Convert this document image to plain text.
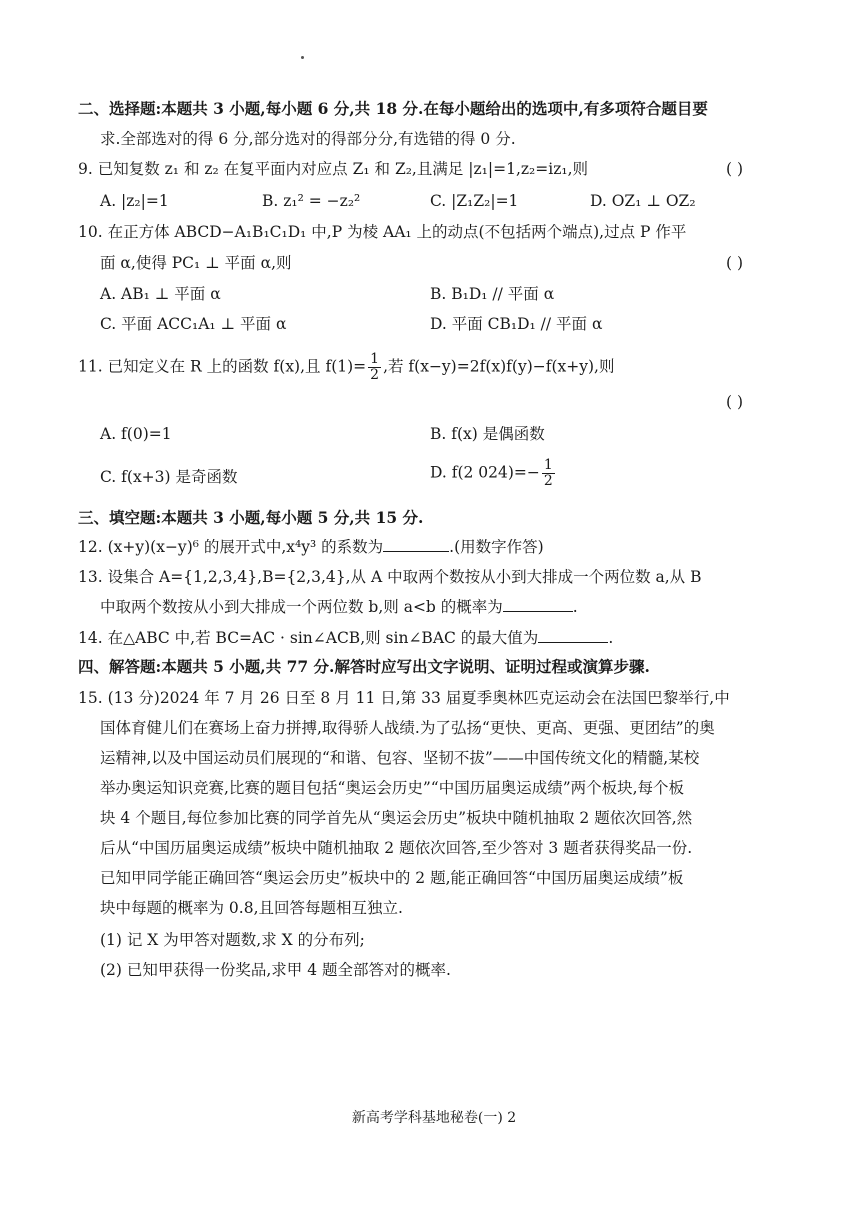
二、选择题:本题共 3 小题,每小题 6 分,共 18 分.在每小题给出的选项中,有多项符合题目要
求.全部选对的得 6 分,部分选对的得部分分,有选错的得 0 分.
9. 已知复数 z₁ 和 z₂ 在复平面内对应点 Z₁ 和 Z₂,且满足 |z₁|=1,z₂=iz₁,则	( )
A. |z₂|=1	B. z₁² = −z₂²	C. |Z₁Z₂|=1	D. OZ₁ ⊥ OZ₂
10. 在正方体 ABCD−A₁B₁C₁D₁ 中,P 为棱 AA₁ 上的动点(不包括两个端点),过点 P 作平
面 α,使得 PC₁ ⊥ 平面 α,则	( )
A. AB₁ ⊥ 平面 α	B. B₁D₁ // 平面 α
C. 平面 ACC₁A₁ ⊥ 平面 α	D. 平面 CB₁D₁ // 平面 α
11. 已知定义在 R 上的函数 f(x),且 $f(1)= \frac{1}{2}$ ,若 f(x−y)=2f(x)f(y)−f(x+y),则
( )
A. f(0)=1	B. f(x) 是偶函数
C. f(x+3) 是奇函数	D. f(2 $024)=- \frac{1}{2}$
三、填空题:本题共 3 小题,每小题 5 分,共 15 分.
12. (x+y)(x−y)⁶ 的展开式中,x⁴y³ 的系数为	.(用数字作答)
13. 设集合 A={1,2,3,4},B={2,3,4},从 A 中取两个数按从小到大排成一个两位数 a,从 B
中取两个数按从小到大排成一个两位数 b,则 a<b 的概率为	.
14. 在△ABC 中,若 BC=AC · sin∠ACB,则 sin∠BAC 的最大值为	.
四、解答题:本题共 5 小题,共 77 分.解答时应写出文字说明、证明过程或演算步骤.
15. (13 分)2024 年 7 月 26 日至 8 月 11 日,第 33 届夏季奥林匹克运动会在法国巴黎举行,中
国体育健儿们在赛场上奋力拼搏,取得骄人战绩.为了弘扬“更快、更高、更强、更团结”的奥
运精神,以及中国运动员们展现的“和谐、包容、坚韧不拔”——中国传统文化的精髓,某校
举办奥运知识竞赛,比赛的题目包括“奥运会历史”“中国历届奥运成绩”两个板块,每个板
块 4 个题目,每位参加比赛的同学首先从“奥运会历史”板块中随机抽取 2 题依次回答,然
后从“中国历届奥运成绩”板块中随机抽取 2 题依次回答,至少答对 3 题者获得奖品一份.
已知甲同学能正确回答“奥运会历史”板块中的 2 题,能正确回答“中国历届奥运成绩”板
块中每题的概率为 0.8,且回答每题相互独立.
(1) 记 X 为甲答对题数,求 X 的分布列;
(2) 已知甲获得一份奖品,求甲 4 题全部答对的概率.
新高考学科基地秘卷(一) 2
